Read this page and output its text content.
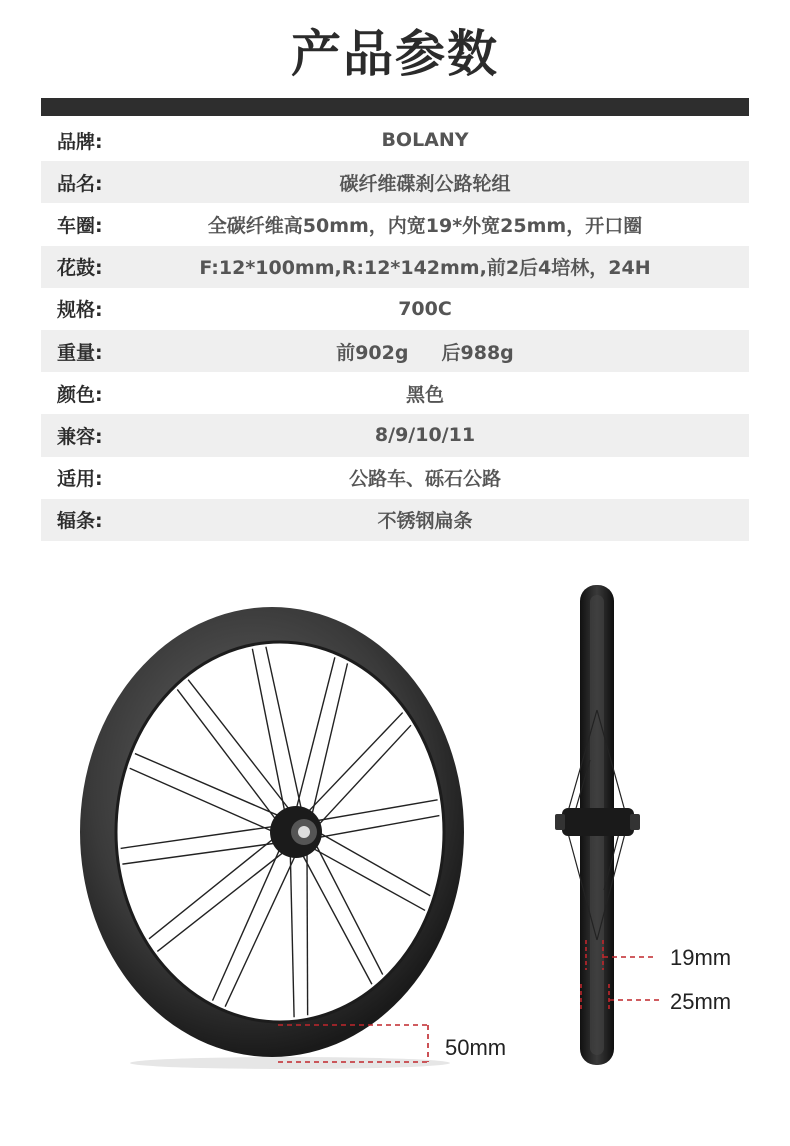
产品参数
品牌:	BOLANY
品名:	碳纤维碟刹公路轮组
车圈:	全碳纤维高50mm，内宽19*外宽25mm，开口圈
花鼓:	F:12*100mm,R:12*142mm,前2后4培林，24H
规格:	700C
重量:	前902g     后988g
颜色:	黑色
兼容:	8/9/10/11
适用:	公路车、砾石公路
辐条:	不锈钢扁条
50mm
19mm
25mm
